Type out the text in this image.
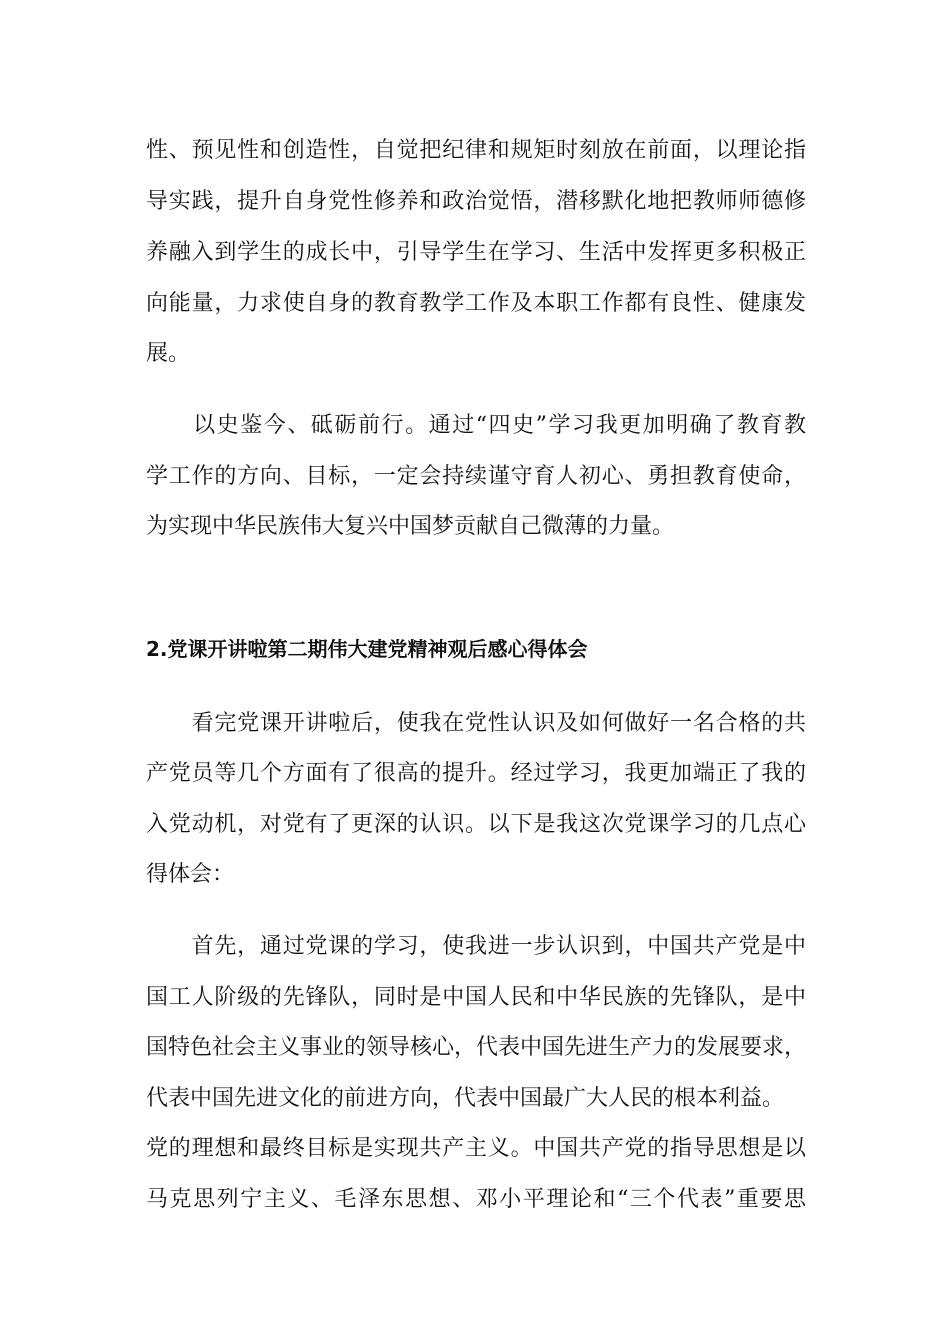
性、预见性和创造性，自觉把纪律和规矩时刻放在前面，以理论指

导实践，提升自身党性修养和政治觉悟，潜移默化地把教师师德修

养融入到学生的成长中，引导学生在学习、生活中发挥更多积极正

向能量，力求使自身的教育教学工作及本职工作都有良性、健康发

展。

　　以史鉴今、砥砺前行。通过“四史”学习我更加明确了教育教

学工作的方向、目标，一定会持续谨守育人初心、勇担教育使命，

为实现中华民族伟大复兴中国梦贡献自己微薄的力量。

2.党课开讲啦第二期伟大建党精神观后感心得体会

　　看完党课开讲啦后，使我在党性认识及如何做好一名合格的共

产党员等几个方面有了很高的提升。经过学习，我更加端正了我的

入党动机，对党有了更深的认识。以下是我这次党课学习的几点心

得体会：

　　首先，通过党课的学习，使我进一步认识到，中国共产党是中

国工人阶级的先锋队，同时是中国人民和中华民族的先锋队，是中

国特色社会主义事业的领导核心，代表中国先进生产力的发展要求，

代表中国先进文化的前进方向，代表中国最广大人民的根本利益。

党的理想和最终目标是实现共产主义。中国共产党的指导思想是以

马克思列宁主义、毛泽东思想、邓小平理论和“三个代表”重要思
